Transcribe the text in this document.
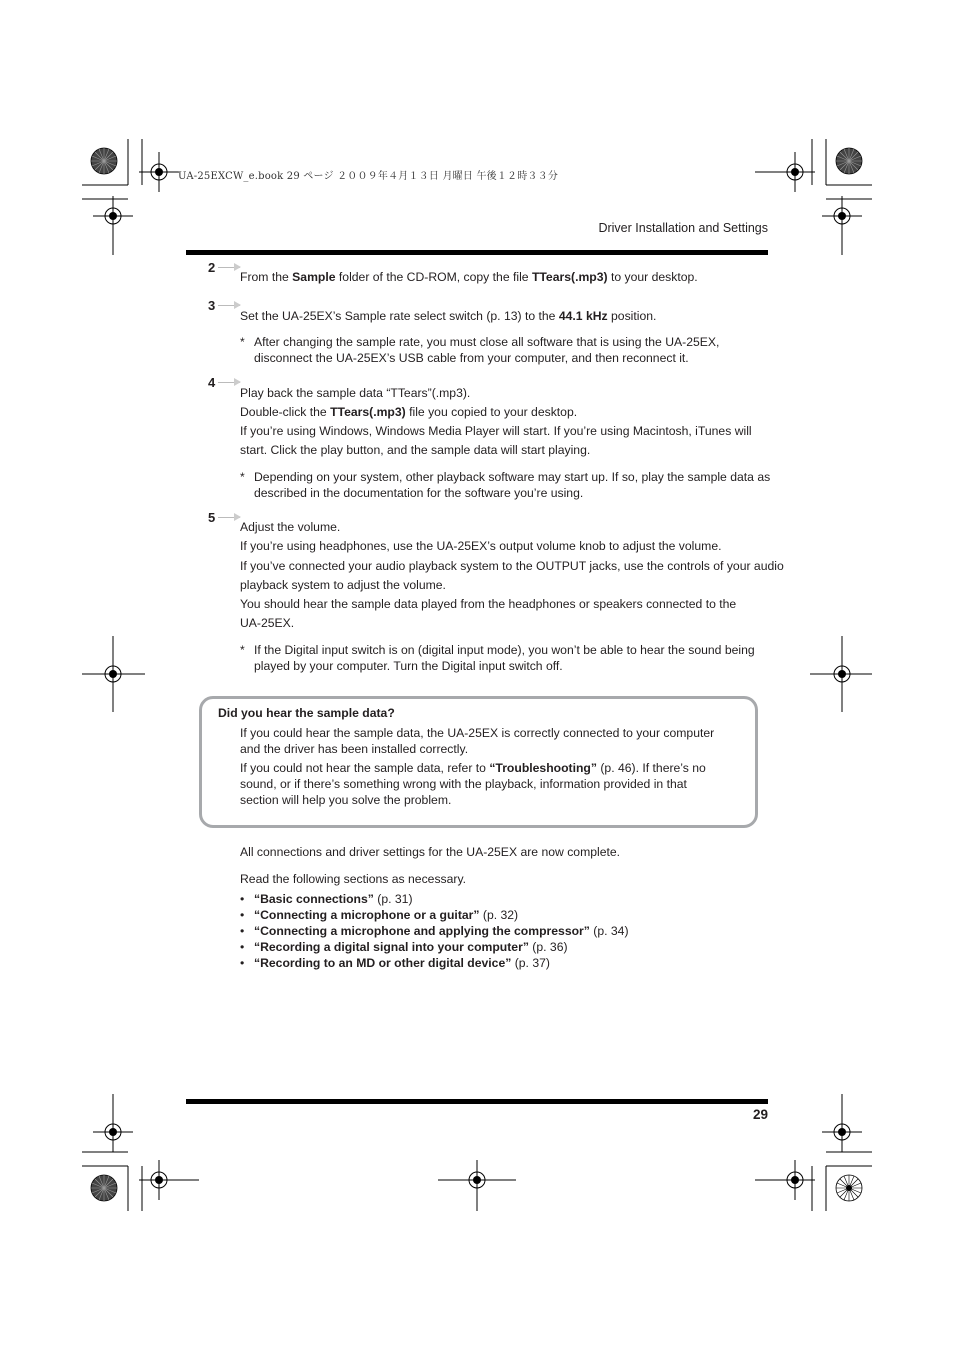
UA-25EXCW_e.book 29 ページ ２００９年４月１３日 月曜日 午後１２時３３分
Driver Installation and Settings
2
From the Sample folder of the CD-ROM, copy the file TTears(.mp3) to your desktop.
3
Set the UA-25EX’s Sample rate select switch (p. 13) to the 44.1 kHz position.
* After changing the sample rate, you must close all software that is using the UA-25EX,
disconnect the UA-25EX’s USB cable from your computer, and then reconnect it.
4
Play back the sample data “TTears”(.mp3).
Double-click the TTears(.mp3) file you copied to your desktop.
If you’re using Windows, Windows Media Player will start. If you’re using Macintosh, iTunes will
start. Click the play button, and the sample data will start playing.
* Depending on your system, other playback software may start up. If so, play the sample data as
described in the documentation for the software you’re using.
5
Adjust the volume.
If you’re using headphones, use the UA-25EX’s output volume knob to adjust the volume.
If you’ve connected your audio playback system to the OUTPUT jacks, use the controls of your audio
playback system to adjust the volume.
You should hear the sample data played from the headphones or speakers connected to the
UA-25EX.
* If the Digital input switch is on (digital input mode), you won’t be able to hear the sound being
played by your computer. Turn the Digital input switch off.
Did you hear the sample data?
If you could hear the sample data, the UA-25EX is correctly connected to your computer
and the driver has been installed correctly.
If you could not hear the sample data, refer to “Troubleshooting” (p. 46). If there’s no
sound, or if there’s something wrong with the playback, information provided in that
section will help you solve the problem.
All connections and driver settings for the UA-25EX are now complete.
Read the following sections as necessary.
• “Basic connections” (p. 31)
• “Connecting a microphone or a guitar” (p. 32)
• “Connecting a microphone and applying the compressor” (p. 34)
• “Recording a digital signal into your computer” (p. 36)
• “Recording to an MD or other digital device” (p. 37)
29
